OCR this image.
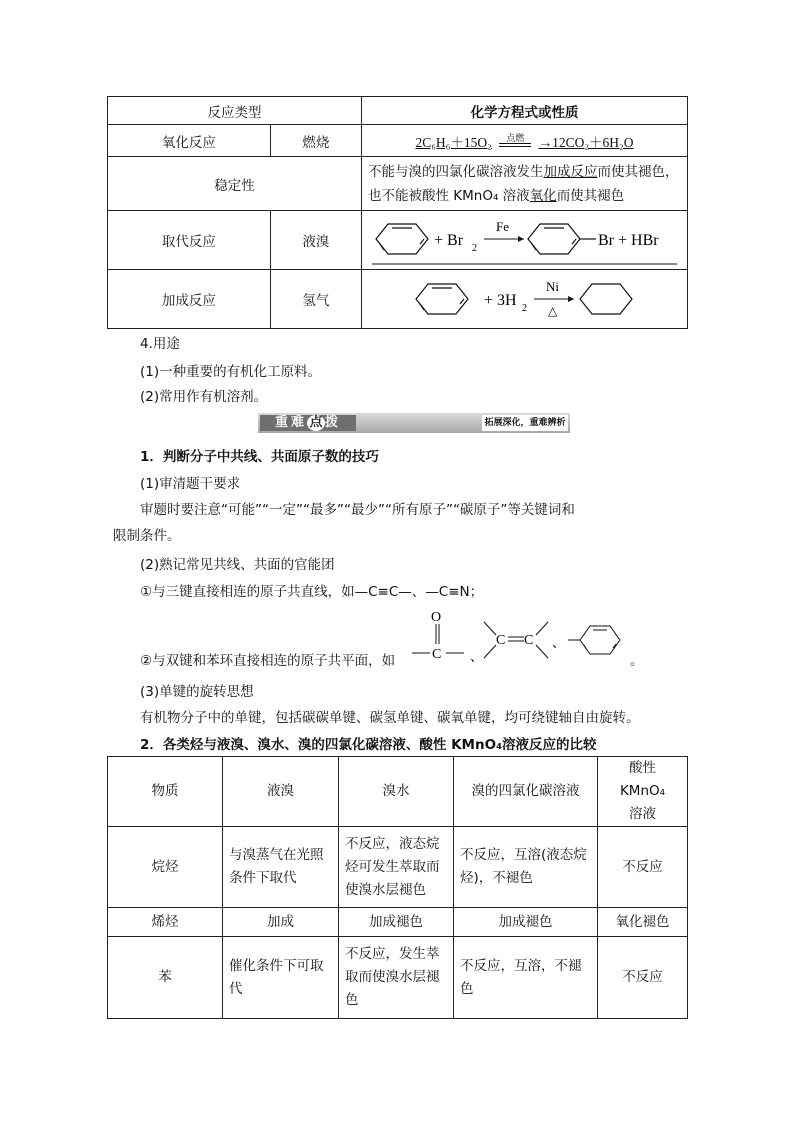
反应类型		化学方程式或性质
氧化反应	燃烧	2C₆H₆＋15O₂ 点燃 →12CO₂＋6H₂O
稳定性		不能与溴的四氯化碳溶液发生加成反应而使其褪色，
也不能被酸性 KMnO₄ 溶液氧化而使其褪色
取代反应	液溴	+ Br 2
Fe
Br + HBr

加成反应	氢气	+ 3H 2
Ni
△
4.用途
(1)一种重要的有机化工原料。
(2)常用作有机溶剂。
重难 点 拨	拓展深化，重难辨析
1．判断分子中共线、共面原子数的技巧
(1)审清题干要求
审题时要注意“可能”“一定”“最多”“最少”“所有原子”“碳原子”等关键词和
限制条件。
(2)熟记常见共线、共面的官能团
①与三键直接相连的原子共直线，如—C≡C—、—C≡N；
②与双键和苯环直接相连的原子共平面，如
O
C 、
C C 、
。
(3)单键的旋转思想
有机物分子中的单键，包括碳碳单键、碳氢单键、碳氧单键，均可绕键轴自由旋转。
2．各类烃与液溴、溴水、溴的四氯化碳溶液、酸性 KMnO₄溶液反应的比较
物质	液溴	溴水	溴的四氯化碳溶液	酸性 KMnO₄溶液
烷烃	与溴蒸气在光照条件下取代	不反应，液态烷烃可发生萃取而使溴水层褪色	不反应，互溶(液态烷烃)，不褪色	不反应
烯烃	加成	加成褪色	加成褪色	氧化褪色
苯	催化条件下可取代	不反应，发生萃取而使溴水层褪色	不反应，互溶，不褪色	不反应
